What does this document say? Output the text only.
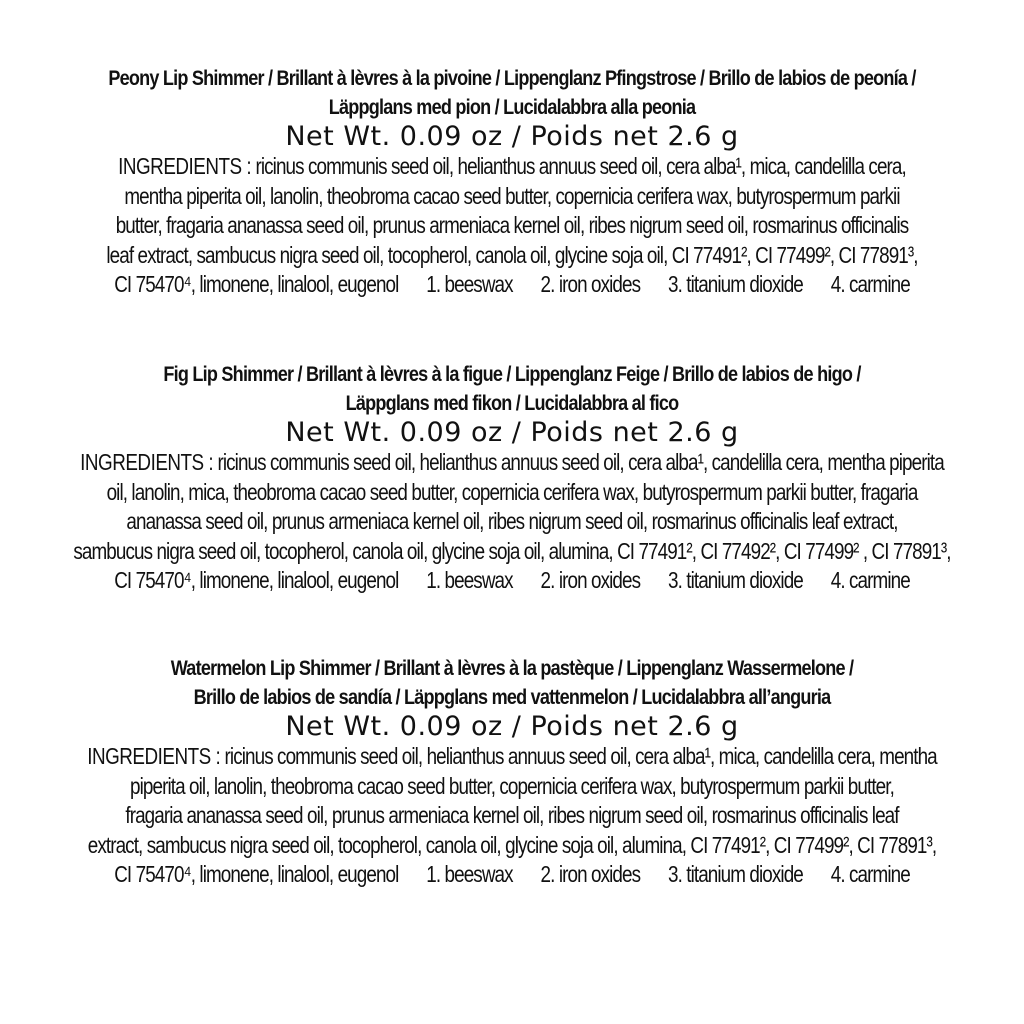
Peony Lip Shimmer / Brillant à lèvres à la pivoine / Lippenglanz Pfingstrose / Brillo de labios de peonía /
Läppglans med pion / Lucidalabbra alla peonia

Net Wt. 0.09 oz / Poids net 2.6 g

INGREDIENTS : ricinus communis seed oil, helianthus annuus seed oil, cera alba¹, mica, candelilla cera,
mentha piperita oil, lanolin, theobroma cacao seed butter, copernicia cerifera wax, butyrospermum parkii
butter, fragaria ananassa seed oil, prunus armeniaca kernel oil, ribes nigrum seed oil, rosmarinus officinalis
leaf extract, sambucus nigra seed oil, tocopherol, canola oil, glycine soja oil, CI 77491², CI 77499², CI 77891³,
CI 75470⁴, limonene, linalool, eugenol 1. beeswax 2. iron oxides 3. titanium dioxide 4. carmine

Fig Lip Shimmer / Brillant à lèvres à la figue / Lippenglanz Feige / Brillo de labios de higo /
Läppglans med fikon / Lucidalabbra al fico

Net Wt. 0.09 oz / Poids net 2.6 g

INGREDIENTS : ricinus communis seed oil, helianthus annuus seed oil, cera alba¹, candelilla cera, mentha piperita
oil, lanolin, mica, theobroma cacao seed butter, copernicia cerifera wax, butyrospermum parkii butter, fragaria
ananassa seed oil, prunus armeniaca kernel oil, ribes nigrum seed oil, rosmarinus officinalis leaf extract,
sambucus nigra seed oil, tocopherol, canola oil, glycine soja oil, alumina, CI 77491², CI 77492², CI 77499² , CI 77891³,
CI 75470⁴, limonene, linalool, eugenol 1. beeswax 2. iron oxides 3. titanium dioxide 4. carmine

Watermelon Lip Shimmer / Brillant à lèvres à la pastèque / Lippenglanz Wassermelone /
Brillo de labios de sandía / Läppglans med vattenmelon / Lucidalabbra all’anguria

Net Wt. 0.09 oz / Poids net 2.6 g

INGREDIENTS : ricinus communis seed oil, helianthus annuus seed oil, cera alba¹, mica, candelilla cera, mentha
piperita oil, lanolin, theobroma cacao seed butter, copernicia cerifera wax, butyrospermum parkii butter,
fragaria ananassa seed oil, prunus armeniaca kernel oil, ribes nigrum seed oil, rosmarinus officinalis leaf
extract, sambucus nigra seed oil, tocopherol, canola oil, glycine soja oil, alumina, CI 77491², CI 77499², CI 77891³,
CI 75470⁴, limonene, linalool, eugenol 1. beeswax 2. iron oxides 3. titanium dioxide 4. carmine
